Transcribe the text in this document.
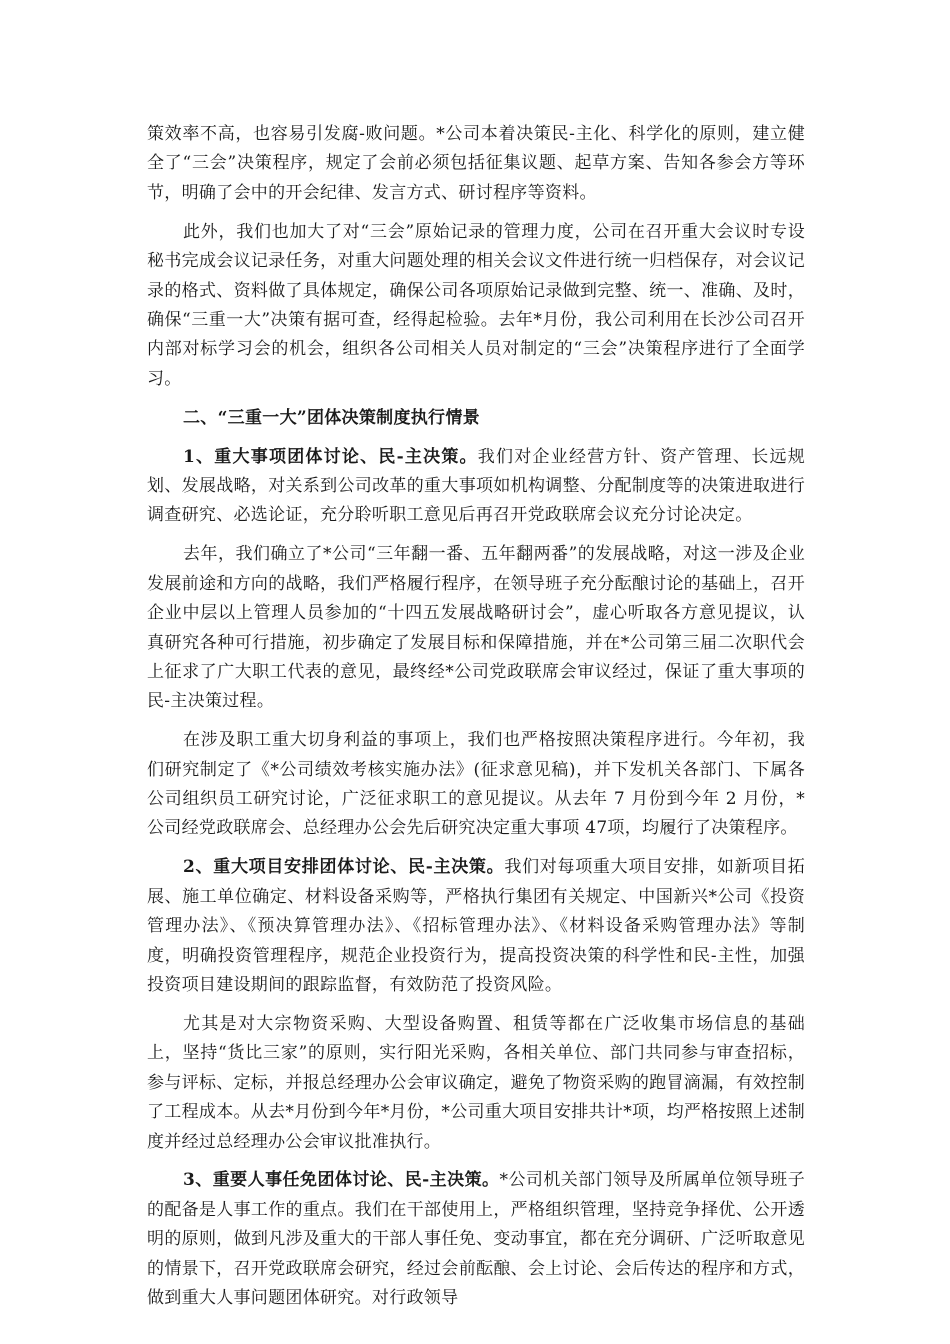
策效率不高，也容易引发腐-败问题。*公司本着决策民-主化、科学化的原则，建立健全了“三会”决策程序，规定了会前必须包括征集议题、起草方案、告知各参会方等环节，明确了会中的开会纪律、发言方式、研讨程序等资料。

此外，我们也加大了对“三会”原始记录的管理力度，公司在召开重大会议时专设秘书完成会议记录任务，对重大问题处理的相关会议文件进行统一归档保存，对会议记录的格式、资料做了具体规定，确保公司各项原始记录做到完整、统一、准确、及时，确保“三重一大”决策有据可查，经得起检验。去年*月份，我公司利用在长沙公司召开内部对标学习会的机会，组织各公司相关人员对制定的“三会”决策程序进行了全面学习。

二、“三重一大”团体决策制度执行情景

1、重大事项团体讨论、民-主决策。我们对企业经营方针、资产管理、长远规划、发展战略，对关系到公司改革的重大事项如机构调整、分配制度等的决策进取进行调查研究、必选论证，充分聆听职工意见后再召开党政联席会议充分讨论决定。

去年，我们确立了*公司“三年翻一番、五年翻两番”的发展战略，对这一涉及企业发展前途和方向的战略，我们严格履行程序，在领导班子充分酝酿讨论的基础上，召开企业中层以上管理人员参加的“十四五发展战略研讨会”，虚心听取各方意见提议，认真研究各种可行措施，初步确定了发展目标和保障措施，并在*公司第三届二次职代会上征求了广大职工代表的意见，最终经*公司党政联席会审议经过，保证了重大事项的民-主决策过程。

在涉及职工重大切身利益的事项上，我们也严格按照决策程序进行。今年初，我们研究制定了《*公司绩效考核实施办法》(征求意见稿)，并下发机关各部门、下属各公司组织员工研究讨论，广泛征求职工的意见提议。从去年 7 月份到今年 2 月份，*公司经党政联席会、总经理办公会先后研究决定重大事项 47项，均履行了决策程序。

2、重大项目安排团体讨论、民-主决策。我们对每项重大项目安排，如新项目拓展、施工单位确定、材料设备采购等，严格执行集团有关规定、中国新兴*公司《投资管理办法》、《预决算管理办法》、《招标管理办法》、《材料设备采购管理办法》等制度，明确投资管理程序，规范企业投资行为，提高投资决策的科学性和民-主性，加强投资项目建设期间的跟踪监督，有效防范了投资风险。

尤其是对大宗物资采购、大型设备购置、租赁等都在广泛收集市场信息的基础上，坚持“货比三家”的原则，实行阳光采购，各相关单位、部门共同参与审查招标，参与评标、定标，并报总经理办公会审议确定，避免了物资采购的跑冒滴漏，有效控制了工程成本。从去*月份到今年*月份，*公司重大项目安排共计*项，均严格按照上述制度并经过总经理办公会审议批准执行。

3、重要人事任免团体讨论、民-主决策。*公司机关部门领导及所属单位领导班子的配备是人事工作的重点。我们在干部使用上，严格组织管理，坚持竞争择优、公开透明的原则，做到凡涉及重大的干部人事任免、变动事宜，都在充分调研、广泛听取意见的情景下，召开党政联席会研究，经过会前酝酿、会上讨论、会后传达的程序和方式，做到重大人事问题团体研究。对行政领导
